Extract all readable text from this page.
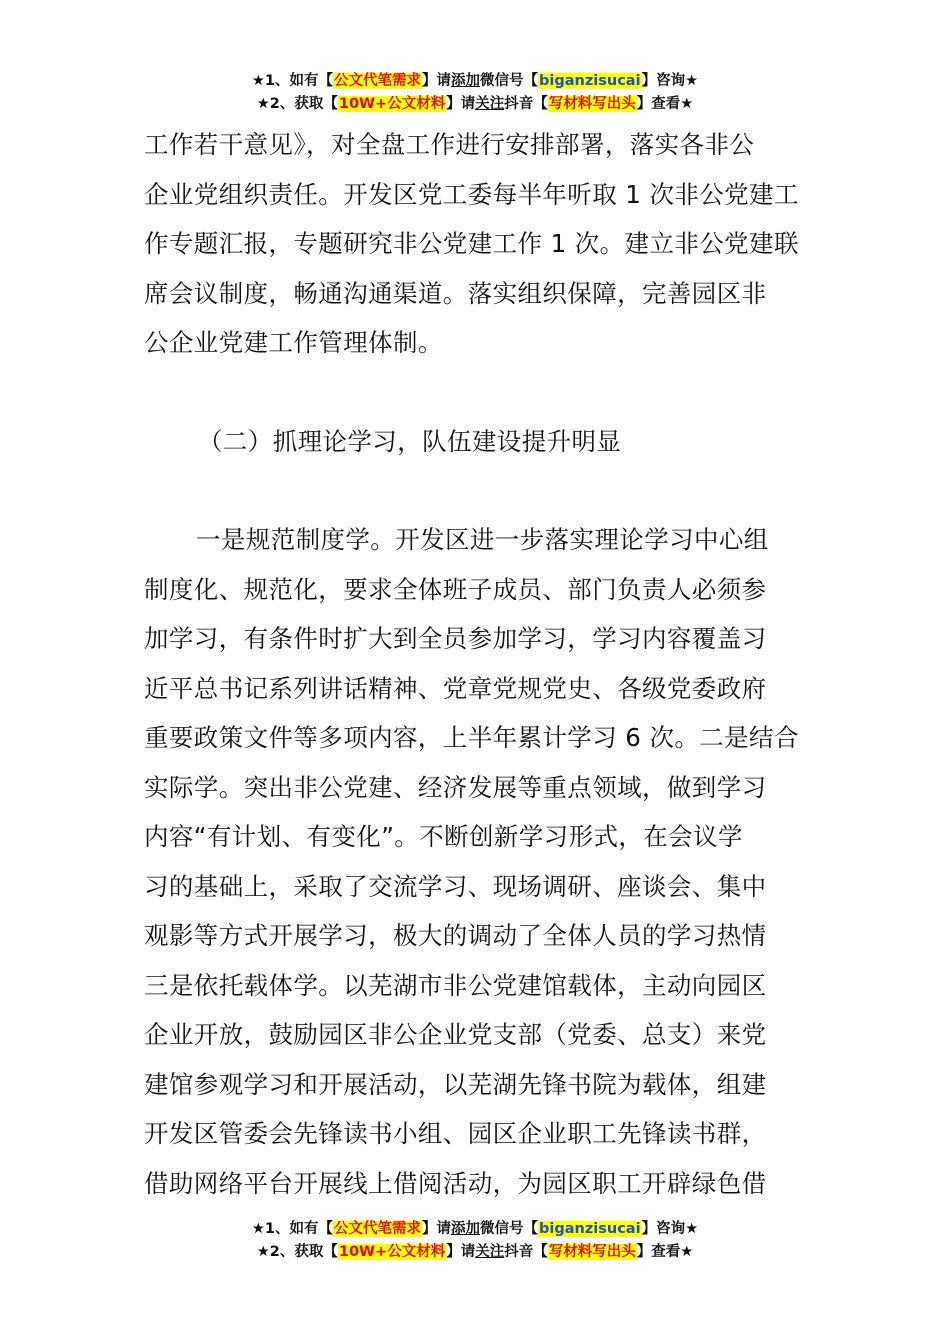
★1、如有【公文代笔需求】请添加微信号【biganzisucai】咨询★
★2、获取【10W+公文材料】请关注抖音【写材料写出头】查看★

工作若干意见》，对全盘工作进行安排部署，落实各非公

企业党组织责任。开发区党工委每半年听取 1 次非公党建工

作专题汇报，专题研究非公党建工作 1 次。建立非公党建联

席会议制度，畅通沟通渠道。落实组织保障，完善园区非

公企业党建工作管理体制。

（二）抓理论学习，队伍建设提升明显

一是规范制度学。开发区进一步落实理论学习中心组

制度化、规范化，要求全体班子成员、部门负责人必须参

加学习，有条件时扩大到全员参加学习，学习内容覆盖习

近平总书记系列讲话精神、党章党规党史、各级党委政府

重要政策文件等多项内容，上半年累计学习 6 次。二是结合

实际学。突出非公党建、经济发展等重点领域，做到学习

内容“有计划、有变化”。不断创新学习形式，在会议学

习的基础上，采取了交流学习、现场调研、座谈会、集中

观影等方式开展学习，极大的调动了全体人员的学习热情

三是依托载体学。以芜湖市非公党建馆载体，主动向园区

企业开放，鼓励园区非公企业党支部（党委、总支）来党

建馆参观学习和开展活动，以芜湖先锋书院为载体，组建

开发区管委会先锋读书小组、园区企业职工先锋读书群，

借助网络平台开展线上借阅活动，为园区职工开辟绿色借

★1、如有【公文代笔需求】请添加微信号【biganzisucai】咨询★
★2、获取【10W+公文材料】请关注抖音【写材料写出头】查看★
